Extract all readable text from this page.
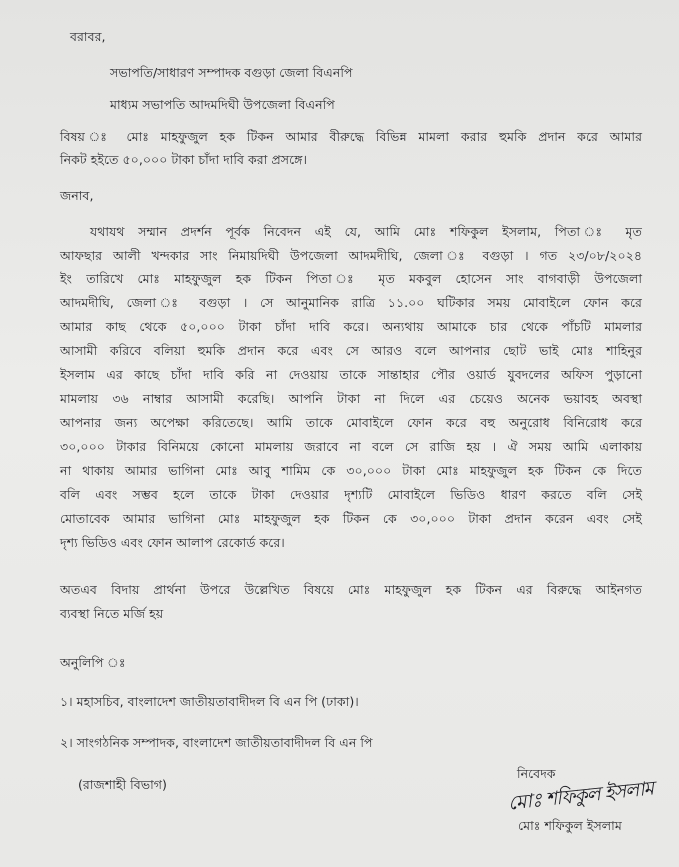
বরাবর,
সভাপতি/সাধারণ সম্পাদক বগুড়া জেলা বিএনপি
মাধ্যম সভাপতি আদমদিঘী উপজেলা বিএনপি
বিষয় ঃ মোঃ মাহফুজুল হক টিকন আমার বীরুদ্ধে বিভিন্ন মামলা করার হুমকি প্রদান করে আমার
নিকট হইতে ৫০,০০০ টাকা চাঁদা দাবি করা প্রসঙ্গে।
জনাব,
যথাযথ সম্মান প্রদর্শন পূর্বক নিবেদন এই যে, আমি মোঃ শফিকুল ইসলাম, পিতা ঃ মৃত
আফছার আলী খন্দকার সাং নিমায়দিঘী উপজেলা আদমদীঘি, জেলা ঃ বগুড়া । গত ২৩/০৮/২০২৪
ইং তারিখে মোঃ মাহফুজুল হক টিকন পিতা ঃ মৃত মকবুল হোসেন সাং বাগবাড়ী উপজেলা
আদমদীঘি, জেলা ঃ বগুড়া । সে আনুমানিক রাত্রি ১১.০০ ঘটিকার সময় মোবাইলে ফোন করে
আমার কাছ থেকে ৫০,০০০ টাকা চাঁদা দাবি করে। অন্যথায় আমাকে চার থেকে পাঁচটি মামলার
আসামী করিবে বলিয়া হুমকি প্রদান করে এবং সে আরও বলে আপনার ছোট ভাই মোঃ শাহিনুর
ইসলাম এর কাছে চাঁদা দাবি করি না দেওয়ায় তাকে সান্তাহার পৌর ওয়ার্ড যুবদলের অফিস পুড়ানো
মামলায় ৩৬ নাম্বার আসামী করেছি। আপনি টাকা না দিলে এর চেয়েও অনেক ভয়াবহ অবস্থা
আপনার জন্য অপেক্ষা করিতেছে। আমি তাকে মোবাইলে ফোন করে বহু অনুরোধ বিনিরোধ করে
৩০,০০০ টাকার বিনিময়ে কোনো মামলায় জরাবে না বলে সে রাজি হয় । ঐ সময় আমি এলাকায়
না থাকায় আমার ভাগিনা মোঃ আবু শামিম কে ৩০,০০০ টাকা মোঃ মাহফুজুল হক টিকন কে দিতে
বলি এবং সম্ভব হলে তাকে টাকা দেওয়ার দৃশ্যটি মোবাইলে ভিডিও ধারণ করতে বলি সেই
মোতাবেক আমার ভাগিনা মোঃ মাহফুজুল হক টিকন কে ৩০,০০০ টাকা প্রদান করেন এবং সেই
দৃশ্য ভিডিও এবং ফোন আলাপ রেকোর্ড করে।
অতএব বিদায় প্রার্থনা উপরে উল্লেখিত বিষয়ে মোঃ মাহফুজুল হক টিকন এর বিরুদ্ধে আইনগত
ব্যবস্থা নিতে মর্জি হয়
অনুলিপি ঃ
১। মহাসচিব, বাংলাদেশ জাতীয়তাবাদীদল বি এন পি (ঢাকা)।
২। সাংগঠনিক সম্পাদক, বাংলাদেশ জাতীয়তাবাদীদল বি এন পি
(রাজশাহী বিভাগ)
নিবেদক
মোঃ শফিকুল ইসলাম
মোঃ শফিকুল ইসলাম
